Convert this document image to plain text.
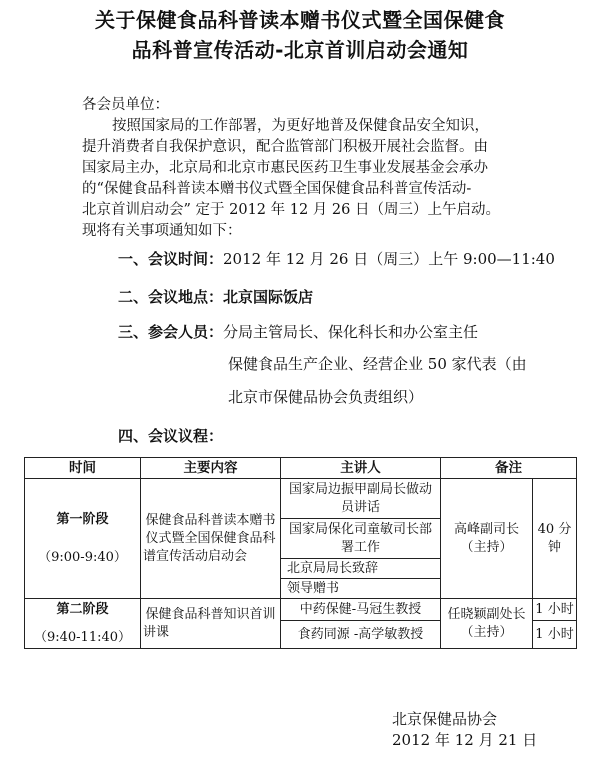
关于保健食品科普读本赠书仪式暨全国保健食
品科普宣传活动-北京首训启动会通知
各会员单位：
按照国家局的工作部署，为更好地普及保健食品安全知识，
提升消费者自我保护意识，配合监管部门积极开展社会监督。由
国家局主办，北京局和北京市惠民医药卫生事业发展基金会承办
的“保健食品科普读本赠书仪式暨全国保健食品科普宣传活动-
北京首训启动会” 定于 2012 年 12 月 26 日（周三）上午启动。
现将有关事项通知如下：
一、会议时间：2012 年 12 月 26 日（周三）上午 9:00—11:40
二、会议地点：北京国际饭店
三、参会人员：分局主管局长、保化科长和办公室主任
保健食品生产企业、经营企业 50 家代表（由
北京市保健品协会负责组织）
四、会议议程：
时间	主要内容	主讲人	备注	

第一阶段
（9:00-9:40）	保健食品科普读本赠书仪式暨全国保健食品科谱宣传活动启动会	国家局边振甲副局长做动员讲话	高峰副司长（主持）	40 分钟
		国家局保化司童敏司长部署工作		
		北京局局长致辞		
		领导赠书		

第二阶段
（9:40-11:40）	保健食品科普知识首训讲课	中药保健-马冠生教授	任晓颖副处长（主持）	1 小时
		食药同源 -高学敏教授		1 小时
北京保健品协会
2012 年 12 月 21 日
